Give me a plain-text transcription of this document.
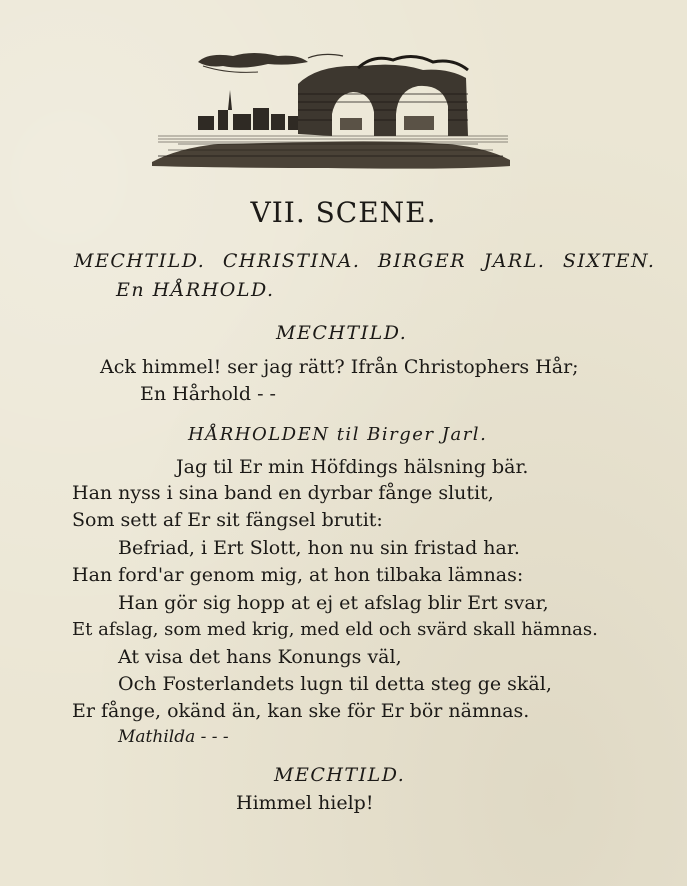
VII. SCENE.
MECHTILD. CHRISTINA. BIRGER JARL. SIXTEN.
En HÅRHOLD.
MECHTILD.
Ack himmel! ser jag rätt? Ifrån Christophers Hår;
En Hårhold - -
HÅRHOLDEN til Birger Jarl.
Jag til Er min Höfdings hälsning bär.
Han nyss i sina band en dyrbar fånge slutit,
Som sett af Er sit fängsel brutit:
Befriad, i Ert Slott, hon nu sin fristad har.
Han ford'ar genom mig, at hon tilbaka lämnas:
Han gör sig hopp at ej et afslag blir Ert svar,
Et afslag, som med krig, med eld och svärd skall hämnas.
At visa det hans Konungs väl,
Och Fosterlandets lugn til detta steg ge skäl,
Er fånge, okänd än, kan ske för Er bör nämnas.
Mathilda - - -
MECHTILD.
Himmel hielp!
